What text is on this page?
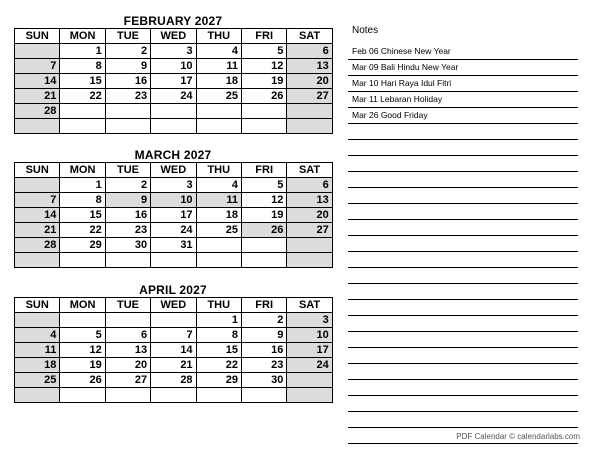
FEBRUARY 2027
SUN	MON	TUE	WED	THU	FRI	SAT
	1	2	3	4	5	6
7	8	9	10	11	12	13
14	15	16	17	18	19	20
21	22	23	24	25	26	27
28						

MARCH 2027
SUN	MON	TUE	WED	THU	FRI	SAT
	1	2	3	4	5	6
7	8	9	10	11	12	13
14	15	16	17	18	19	20
21	22	23	24	25	26	27
28	29	30	31			

APRIL 2027
SUN	MON	TUE	WED	THU	FRI	SAT
				1	2	3
4	5	6	7	8	9	10
11	12	13	14	15	16	17
18	19	20	21	22	23	24
25	26	27	28	29	30	

Notes
Feb 06 Chinese New Year
Mar 09 Bali Hindu New Year
Mar 10 Hari Raya Idul Fitri
Mar 11 Lebaran Holiday
Mar 26 Good Friday
PDF Calendar © calendarlabs.com
